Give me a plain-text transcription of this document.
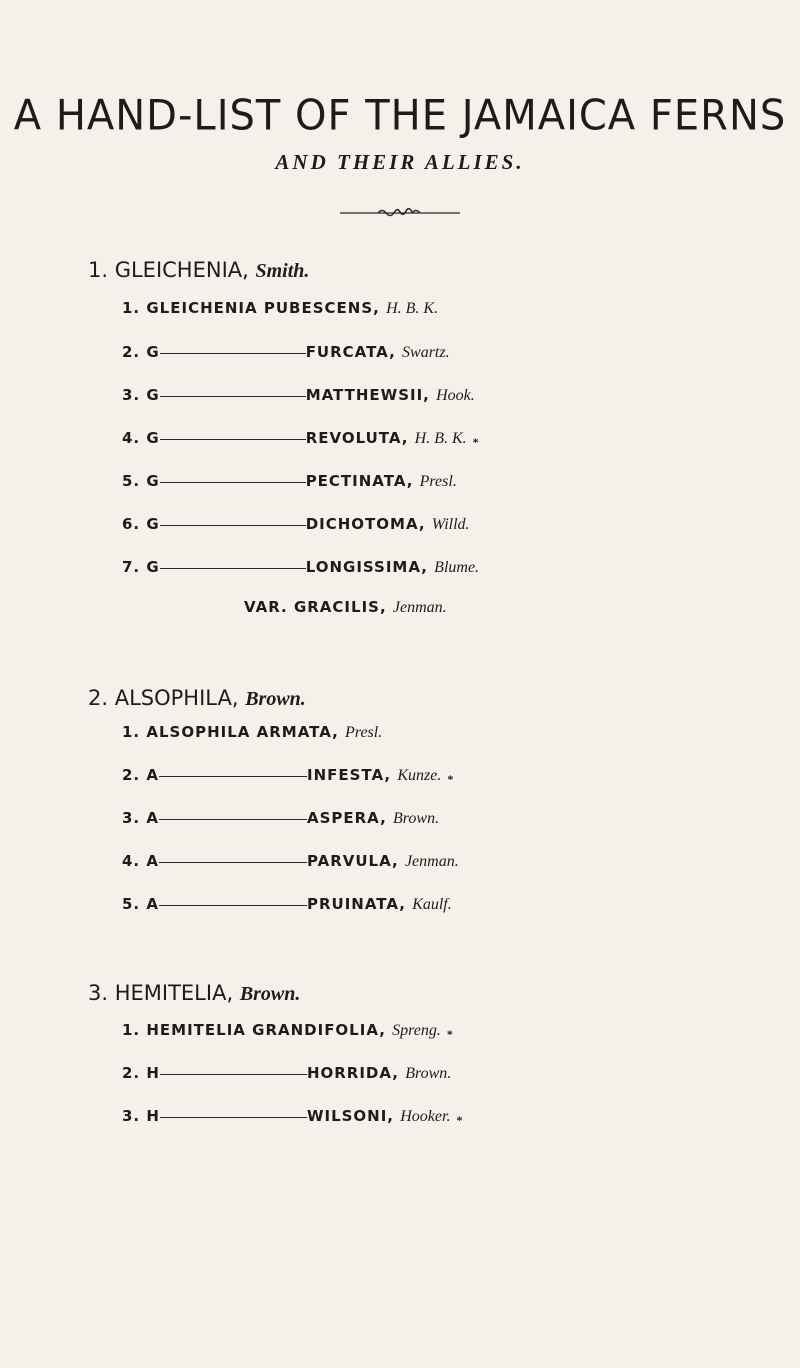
A HAND-LIST OF THE JAMAICA FERNS
AND THEIR ALLIES.
1. GLEICHENIA, Smith.
1. GLEICHENIA PUBESCENS, H. B. K.
2. G	FURCATA, Swartz.
3. G	MATTHEWSII, Hook.
4. G	REVOLUTA, H. B. K. $_*$
5. G	PECTINATA, Presl.
6. G	DICHOTOMA, Willd.
7. G	LONGISSIMA, Blume.
VAR. GRACILIS, Jenman.
2. ALSOPHILA, Brown.
1. ALSOPHILA ARMATA, Presl.
2. A	INFESTA, Kunze. $_*$
3. A	ASPERA, Brown.
4. A	PARVULA, Jenman.
5. A	PRUINATA, Kaulf.
3. HEMITELIA, Brown.
1. HEMITELIA GRANDIFOLIA, Spreng. $_*$
2. H	HORRIDA, Brown.
3. H	WILSONI, Hooker. $_*$
